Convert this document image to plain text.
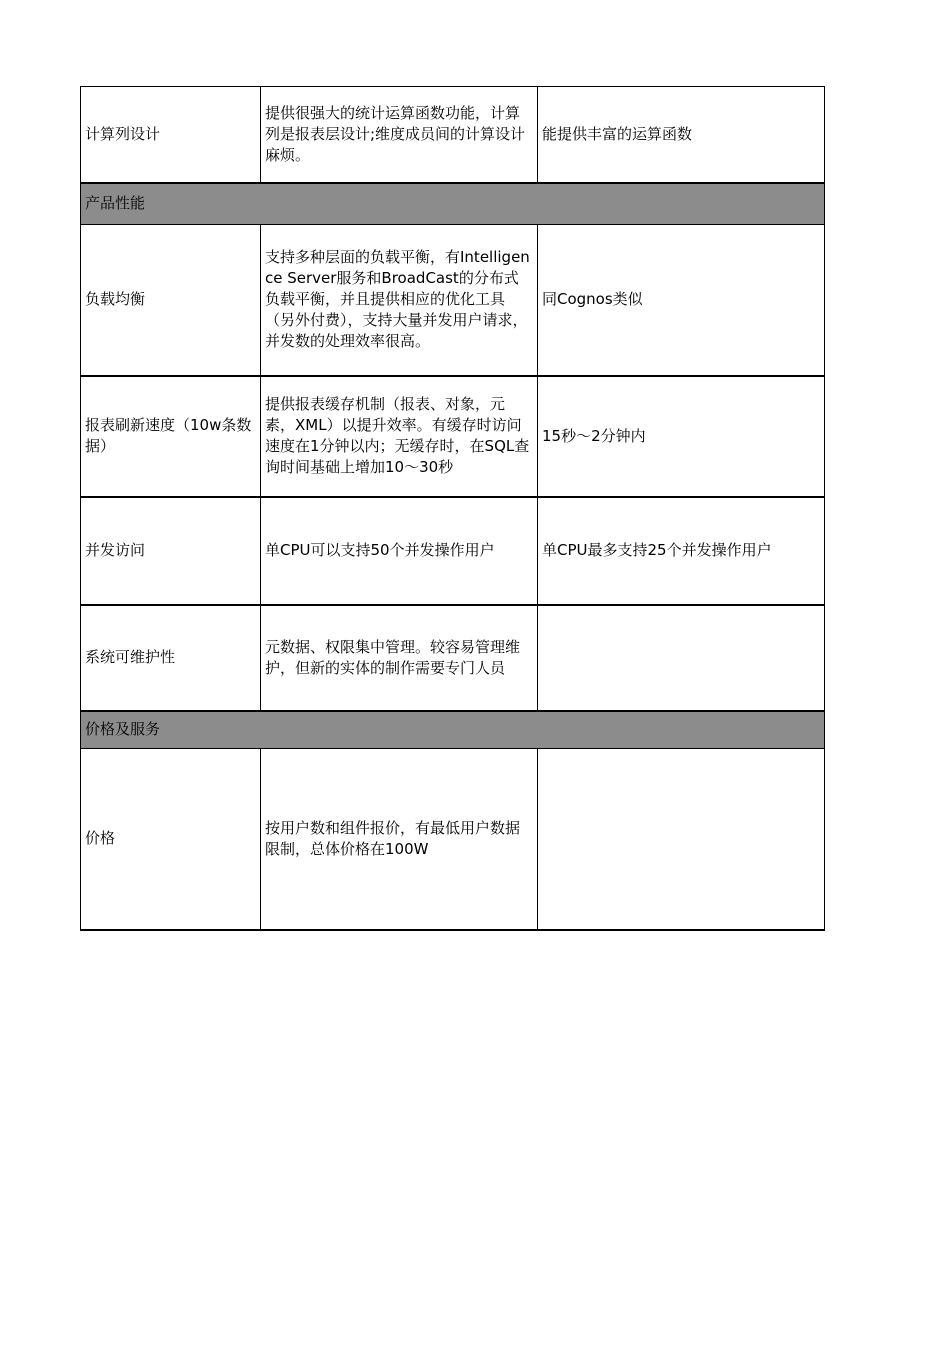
计算列设计	提供很强大的统计运算函数功能，计算列是报表层设计;维度成员间的计算设计麻烦。	能提供丰富的运算函数
产品性能		
负载均衡	支持多种层面的负载平衡，有Intelligence Server服务和BroadCast的分布式负载平衡，并且提供相应的优化工具（另外付费），支持大量并发用户请求，并发数的处理效率很高。	同Cognos类似
报表刷新速度（10w条数据）	提供报表缓存机制（报表、对象，元素，XML）以提升效率。有缓存时访问速度在1分钟以内；无缓存时，在SQL查询时间基础上增加10～30秒	15秒～2分钟内
并发访问	单CPU可以支持50个并发操作用户	单CPU最多支持25个并发操作用户
系统可维护性	元数据、权限集中管理。较容易管理维护，但新的实体的制作需要专门人员	
价格及服务		
价格	按用户数和组件报价，有最低用户数据限制，总体价格在100W	
